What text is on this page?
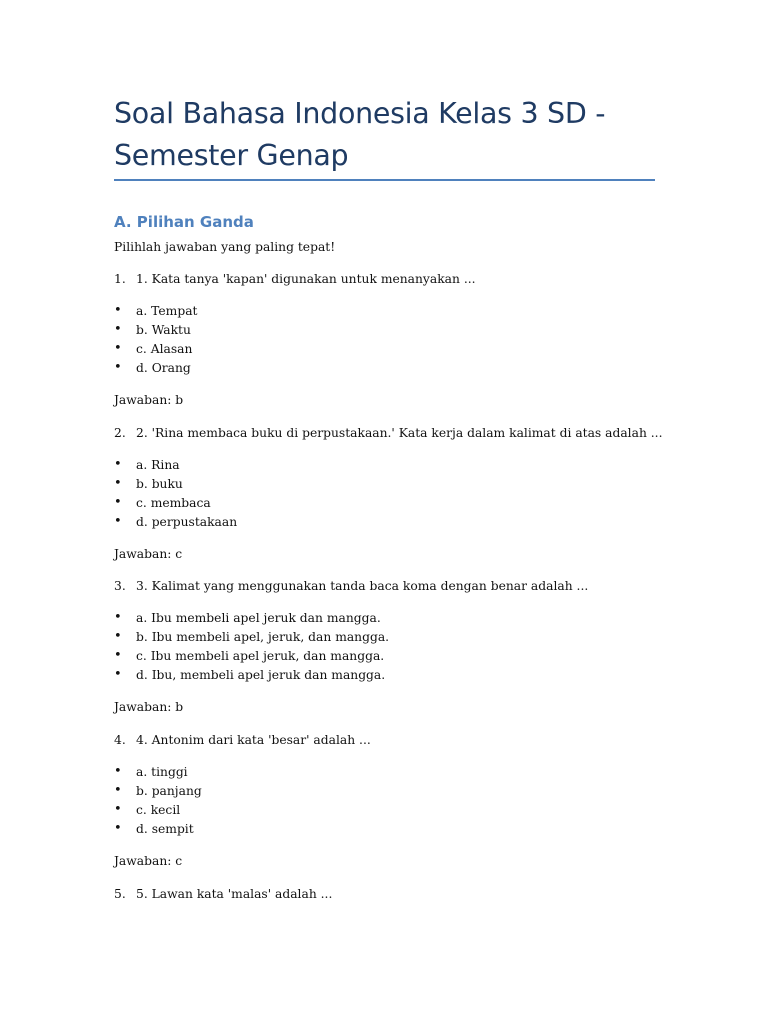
Soal Bahasa Indonesia Kelas 3 SD - Semester Genap
A. Pilihan Ganda
Pilihlah jawaban yang paling tepat!
1. 1. Kata tanya 'kapan' digunakan untuk menanyakan ...
• a. Tempat
• b. Waktu
• c. Alasan
• d. Orang
Jawaban: b
2. 2. 'Rina membaca buku di perpustakaan.' Kata kerja dalam kalimat di atas adalah ...
• a. Rina
• b. buku
• c. membaca
• d. perpustakaan
Jawaban: c
3. 3. Kalimat yang menggunakan tanda baca koma dengan benar adalah ...
• a. Ibu membeli apel jeruk dan mangga.
• b. Ibu membeli apel, jeruk, dan mangga.
• c. Ibu membeli apel jeruk, dan mangga.
• d. Ibu, membeli apel jeruk dan mangga.
Jawaban: b
4. 4. Antonim dari kata 'besar' adalah ...
• a. tinggi
• b. panjang
• c. kecil
• d. sempit
Jawaban: c
5. 5. Lawan kata 'malas' adalah ...
